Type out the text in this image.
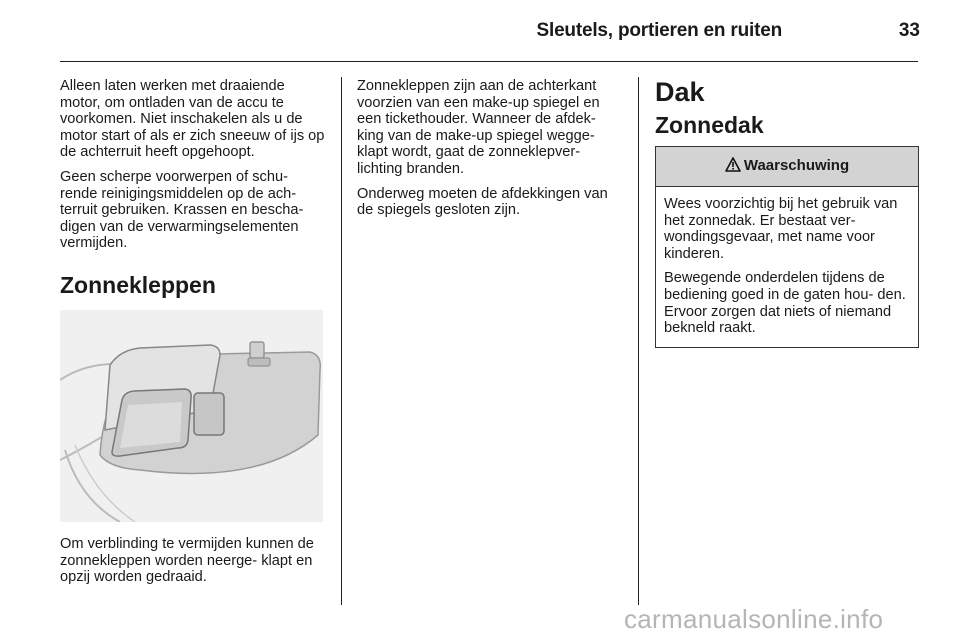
Sleutels, portieren en ruiten	33

Alleen laten werken met draaiende motor, om ontladen van de accu te voorkomen. Niet inschakelen als u de motor start of als er zich sneeuw of ijs op de achterruit heeft opgehoopt.

Geen scherpe voorwerpen of schu- rende reinigingsmiddelen op de ach- terruit gebruiken. Krassen en bescha- digen van de verwarmingselementen vermijden.

Zonnekleppen

Om verblinding te vermijden kunnen de zonnekleppen worden neerge- klapt en opzij worden gedraaid.

Zonnekleppen zijn aan de achterkant voorzien van een make-up spiegel en een tickethouder. Wanneer de afdek- king van de make-up spiegel wegge- klapt wordt, gaat de zonneklepver- lichting branden.

Onderweg moeten de afdekkingen van de spiegels gesloten zijn.

Dak
Zonnedak
Waarschuwing

Wees voorzichtig bij het gebruik van het zonnedak. Er bestaat ver- wondingsgevaar, met name voor kinderen.

Bewegende onderdelen tijdens de bediening goed in de gaten hou- den. Ervoor zorgen dat niets of niemand bekneld raakt.

carmanualsonline.info
